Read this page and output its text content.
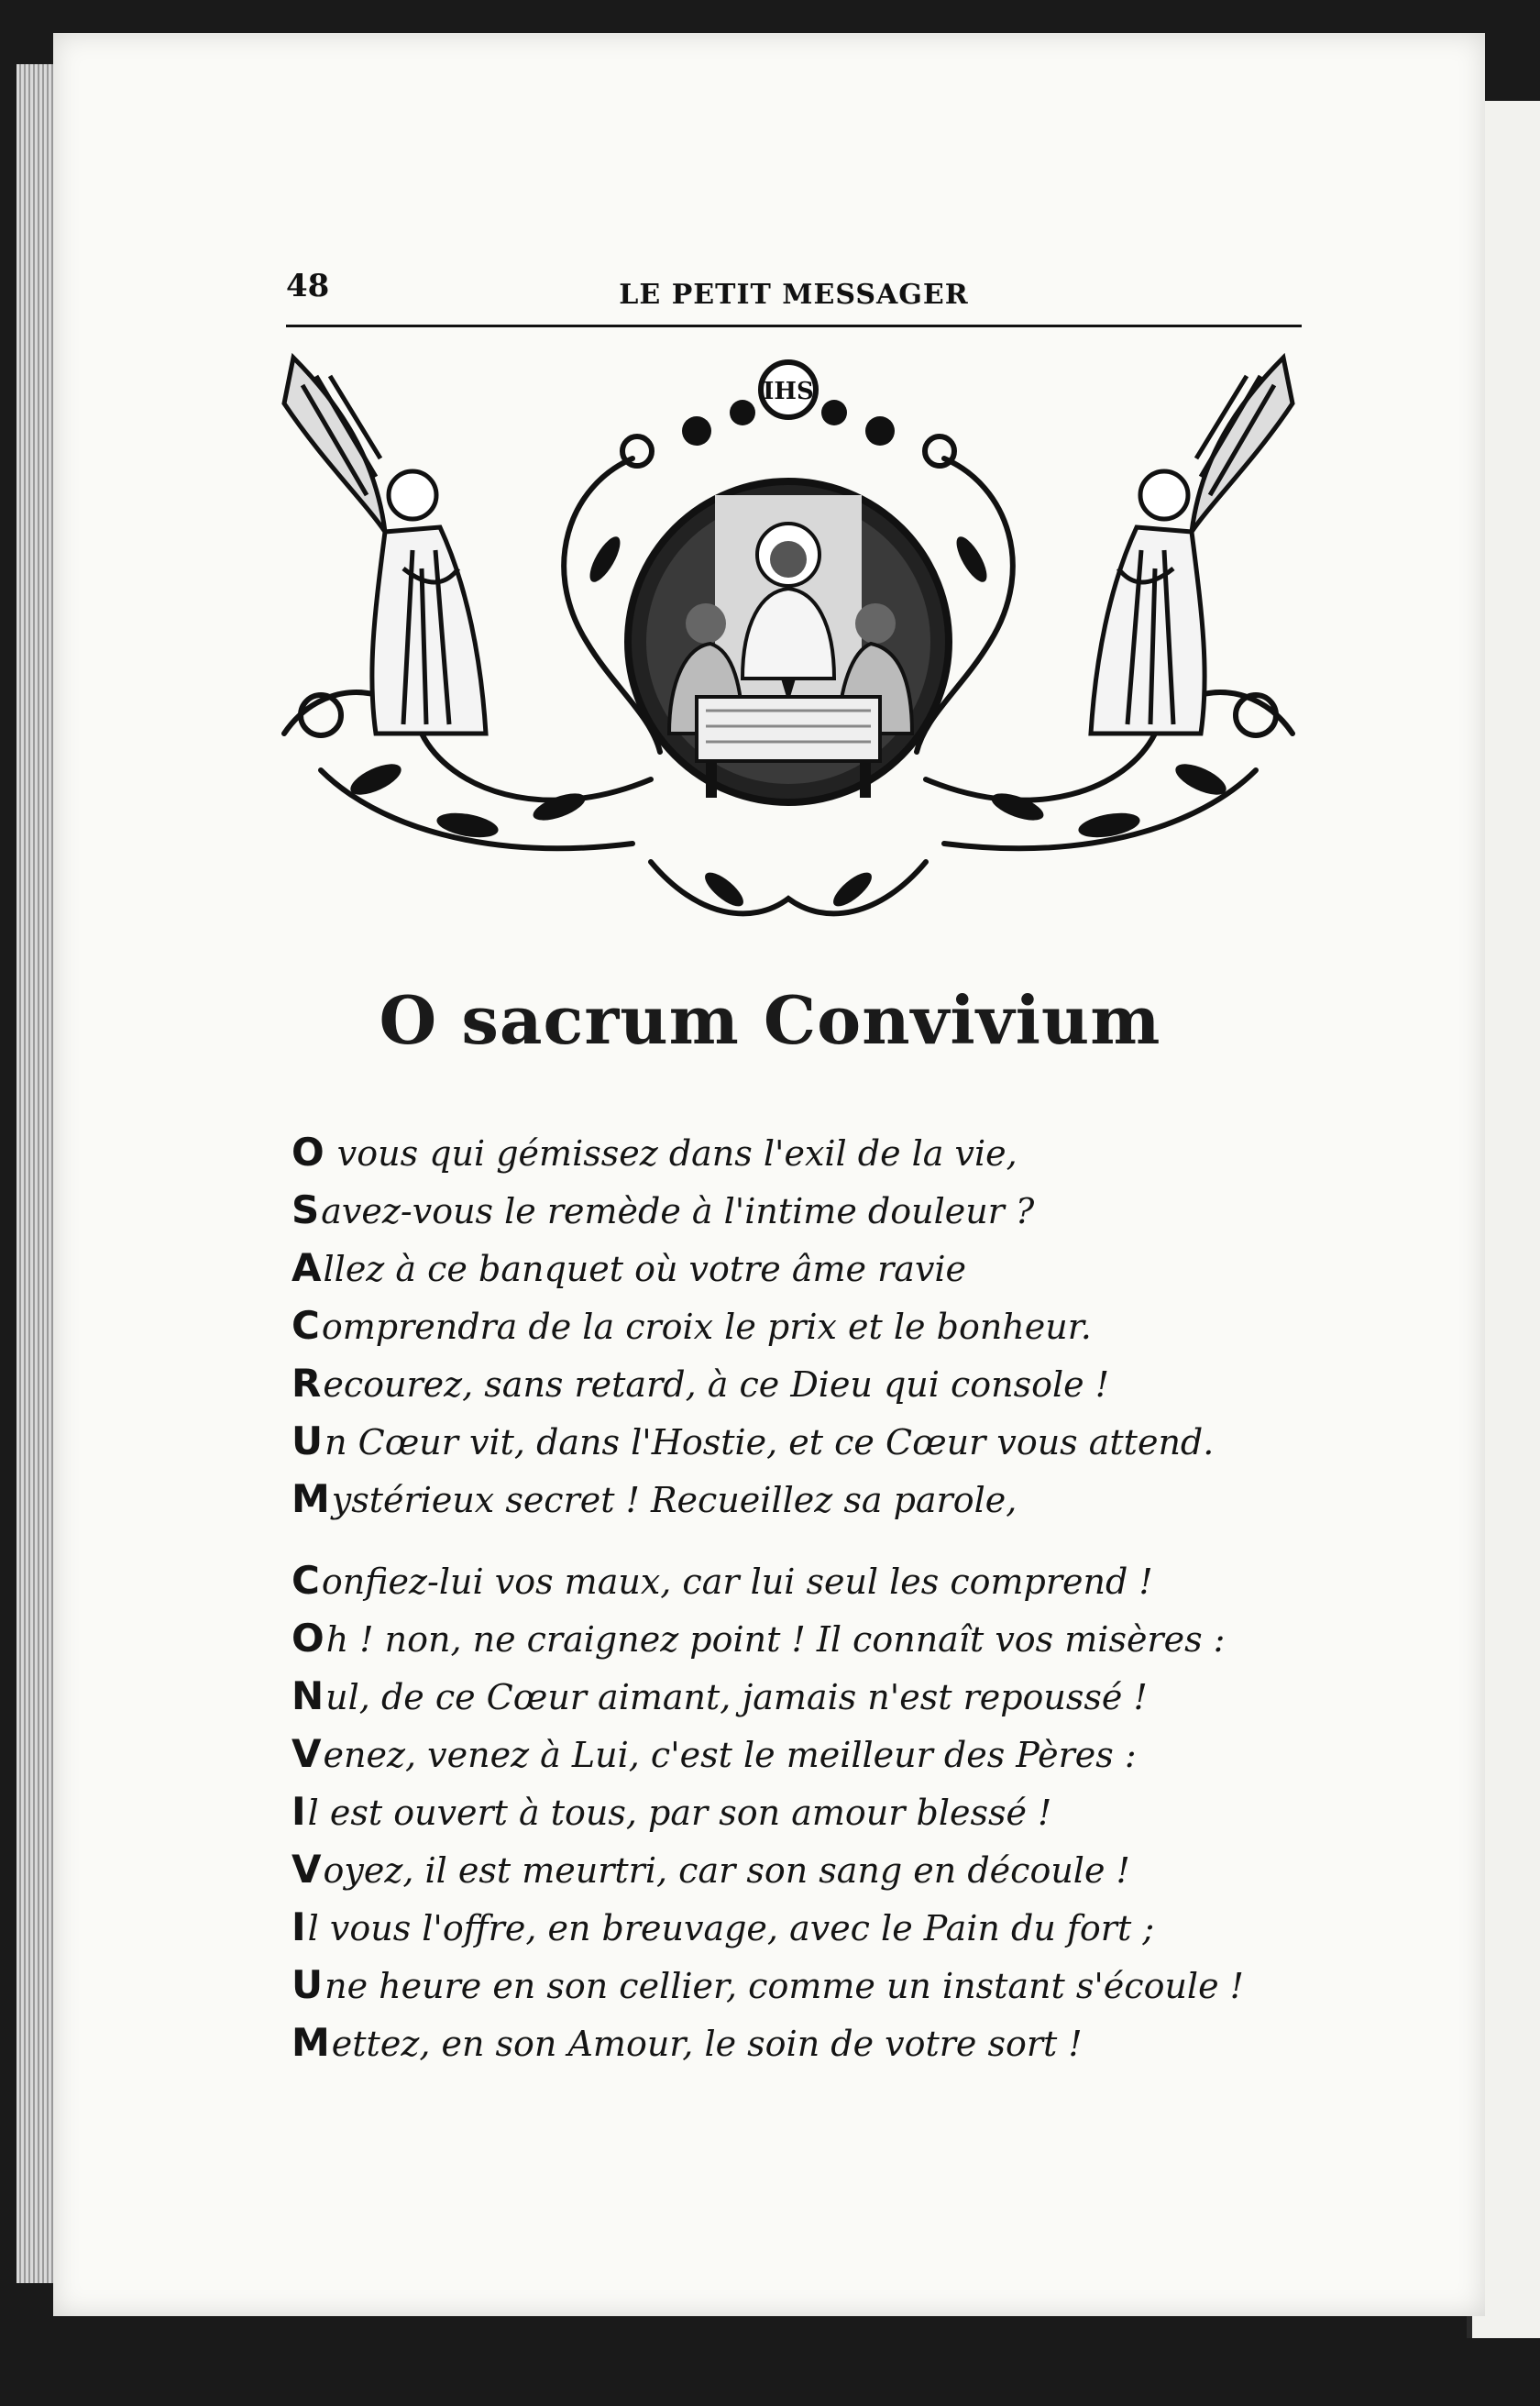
48	LE PETIT MESSAGER
IHS
O sacrum Convivium
O vous qui gémissez dans l'exil de la vie,
Savez-vous le remède à l'intime douleur ?
Allez à ce banquet où votre âme ravie
Comprendra de la croix le prix et le bonheur.
Recourez, sans retard, à ce Dieu qui console !
Un Cœur vit, dans l'Hostie, et ce Cœur vous attend.
Mystérieux secret ! Recueillez sa parole,
Confiez-lui vos maux, car lui seul les comprend !
Oh ! non, ne craignez point ! Il connaît vos misères :
Nul, de ce Cœur aimant, jamais n'est repoussé !
Venez, venez à Lui, c'est le meilleur des Pères :
Il est ouvert à tous, par son amour blessé !
Voyez, il est meurtri, car son sang en découle !
Il vous l'offre, en breuvage, avec le Pain du fort ;
Une heure en son cellier, comme un instant s'écoule !
Mettez, en son Amour, le soin de votre sort !
